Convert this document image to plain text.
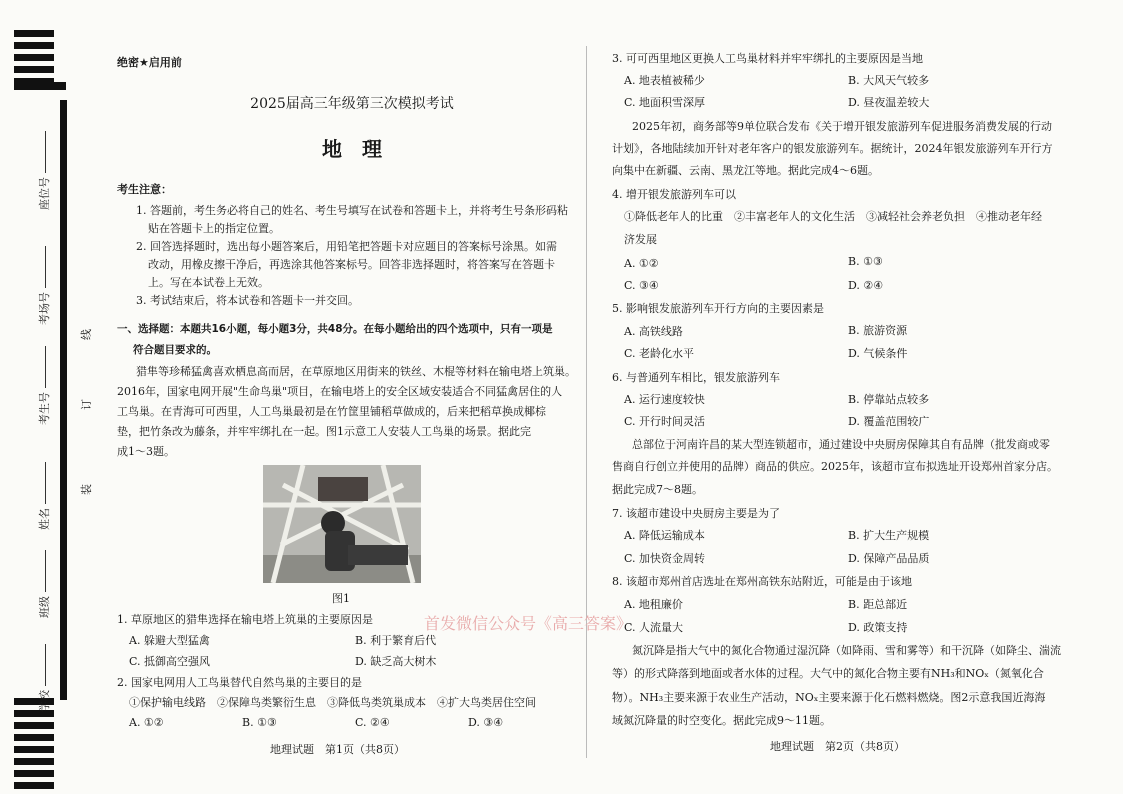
座位号
考场号
考生号
姓名
班级
学校
线
订
装
绝密★启用前
2025届高三年级第三次模拟考试
地　理
考生注意：
1. 答题前，考生务必将自己的姓名、考生号填写在试卷和答题卡上，并将考生号条形码粘
贴在答题卡上的指定位置。
2. 回答选择题时，选出每小题答案后，用铅笔把答题卡对应题目的答案标号涂黑。如需
改动，用橡皮擦干净后，再选涂其他答案标号。回答非选择题时，将答案写在答题卡
上。写在本试卷上无效。
3. 考试结束后，将本试卷和答题卡一并交回。
一、选择题：本题共16小题，每小题3分，共48分。在每小题给出的四个选项中，只有一项是
符合题目要求的。
猎隼等珍稀猛禽喜欢栖息高而居，在草原地区用街来的铁丝、木棍等材料在输电塔上筑巢。
2016年，国家电网开展"生命鸟巢"项目，在输电塔上的安全区域安装适合不同猛禽居住的人
工鸟巢。在青海可可西里，人工鸟巢最初是在竹筐里铺稻草做成的，后来把稻草换成椰棕
垫，把竹条改为藤条，并牢牢绑扎在一起。图1示意工人安装人工鸟巢的场景。据此完
成1～3题。
图1
1. 草原地区的猎隼选择在输电塔上筑巢的主要原因是
A. 躲避大型猛禽	B. 利于繁育后代
C. 抵御高空强风	D. 缺乏高大树木
2. 国家电网用人工鸟巢替代自然鸟巢的主要目的是
①保护输电线路　②保障鸟类繁衍生息　③降低鸟类筑巢成本　④扩大鸟类居住空间
A. ①②	B. ①③	C. ②④	D. ③④
地理试题　第1页（共8页）
3. 可可西里地区更换人工鸟巢材料并牢牢绑扎的主要原因是当地
A. 地表植被稀少	B. 大风天气较多
C. 地面积雪深厚	D. 昼夜温差较大
2025年初，商务部等9单位联合发布《关于增开银发旅游列车促进服务消费发展的行动
计划》，各地陆续加开针对老年客户的银发旅游列车。据统计，2024年银发旅游列车开行方
向集中在新疆、云南、黑龙江等地。据此完成4～6题。
4. 增开银发旅游列车可以
①降低老年人的比重　②丰富老年人的文化生活　③减轻社会养老负担　④推动老年经
济发展
A. ①②	B. ①③
C. ③④	D. ②④
5. 影响银发旅游列车开行方向的主要因素是
A. 高铁线路	B. 旅游资源
C. 老龄化水平	D. 气候条件
6. 与普通列车相比，银发旅游列车
A. 运行速度较快	B. 停靠站点较多
C. 开行时间灵活	D. 覆盖范围较广
总部位于河南许昌的某大型连锁超市，通过建设中央厨房保障其自有品牌（批发商或零
售商自行创立并使用的品牌）商品的供应。2025年，该超市宣布拟选址开设郑州首家分店。
据此完成7～8题。
7. 该超市建设中央厨房主要是为了
A. 降低运输成本	B. 扩大生产规模
C. 加快资金周转	D. 保障产品品质
8. 该超市郑州首店选址在郑州高铁东站附近，可能是由于该地
A. 地租廉价	B. 距总部近
C. 人流量大	D. 政策支持
氮沉降是指大气中的氮化合物通过湿沉降（如降雨、雪和雾等）和干沉降（如降尘、湍流
等）的形式降落到地面或者水体的过程。大气中的氮化合物主要有NH₃和NOₓ（氮氧化合
物）。NH₃主要来源于农业生产活动，NOₓ主要来源于化石燃料燃烧。图2示意我国近海海
域氮沉降量的时空变化。据此完成9～11题。
地理试题　第2页（共8页）
首发微信公众号《高三答案》
